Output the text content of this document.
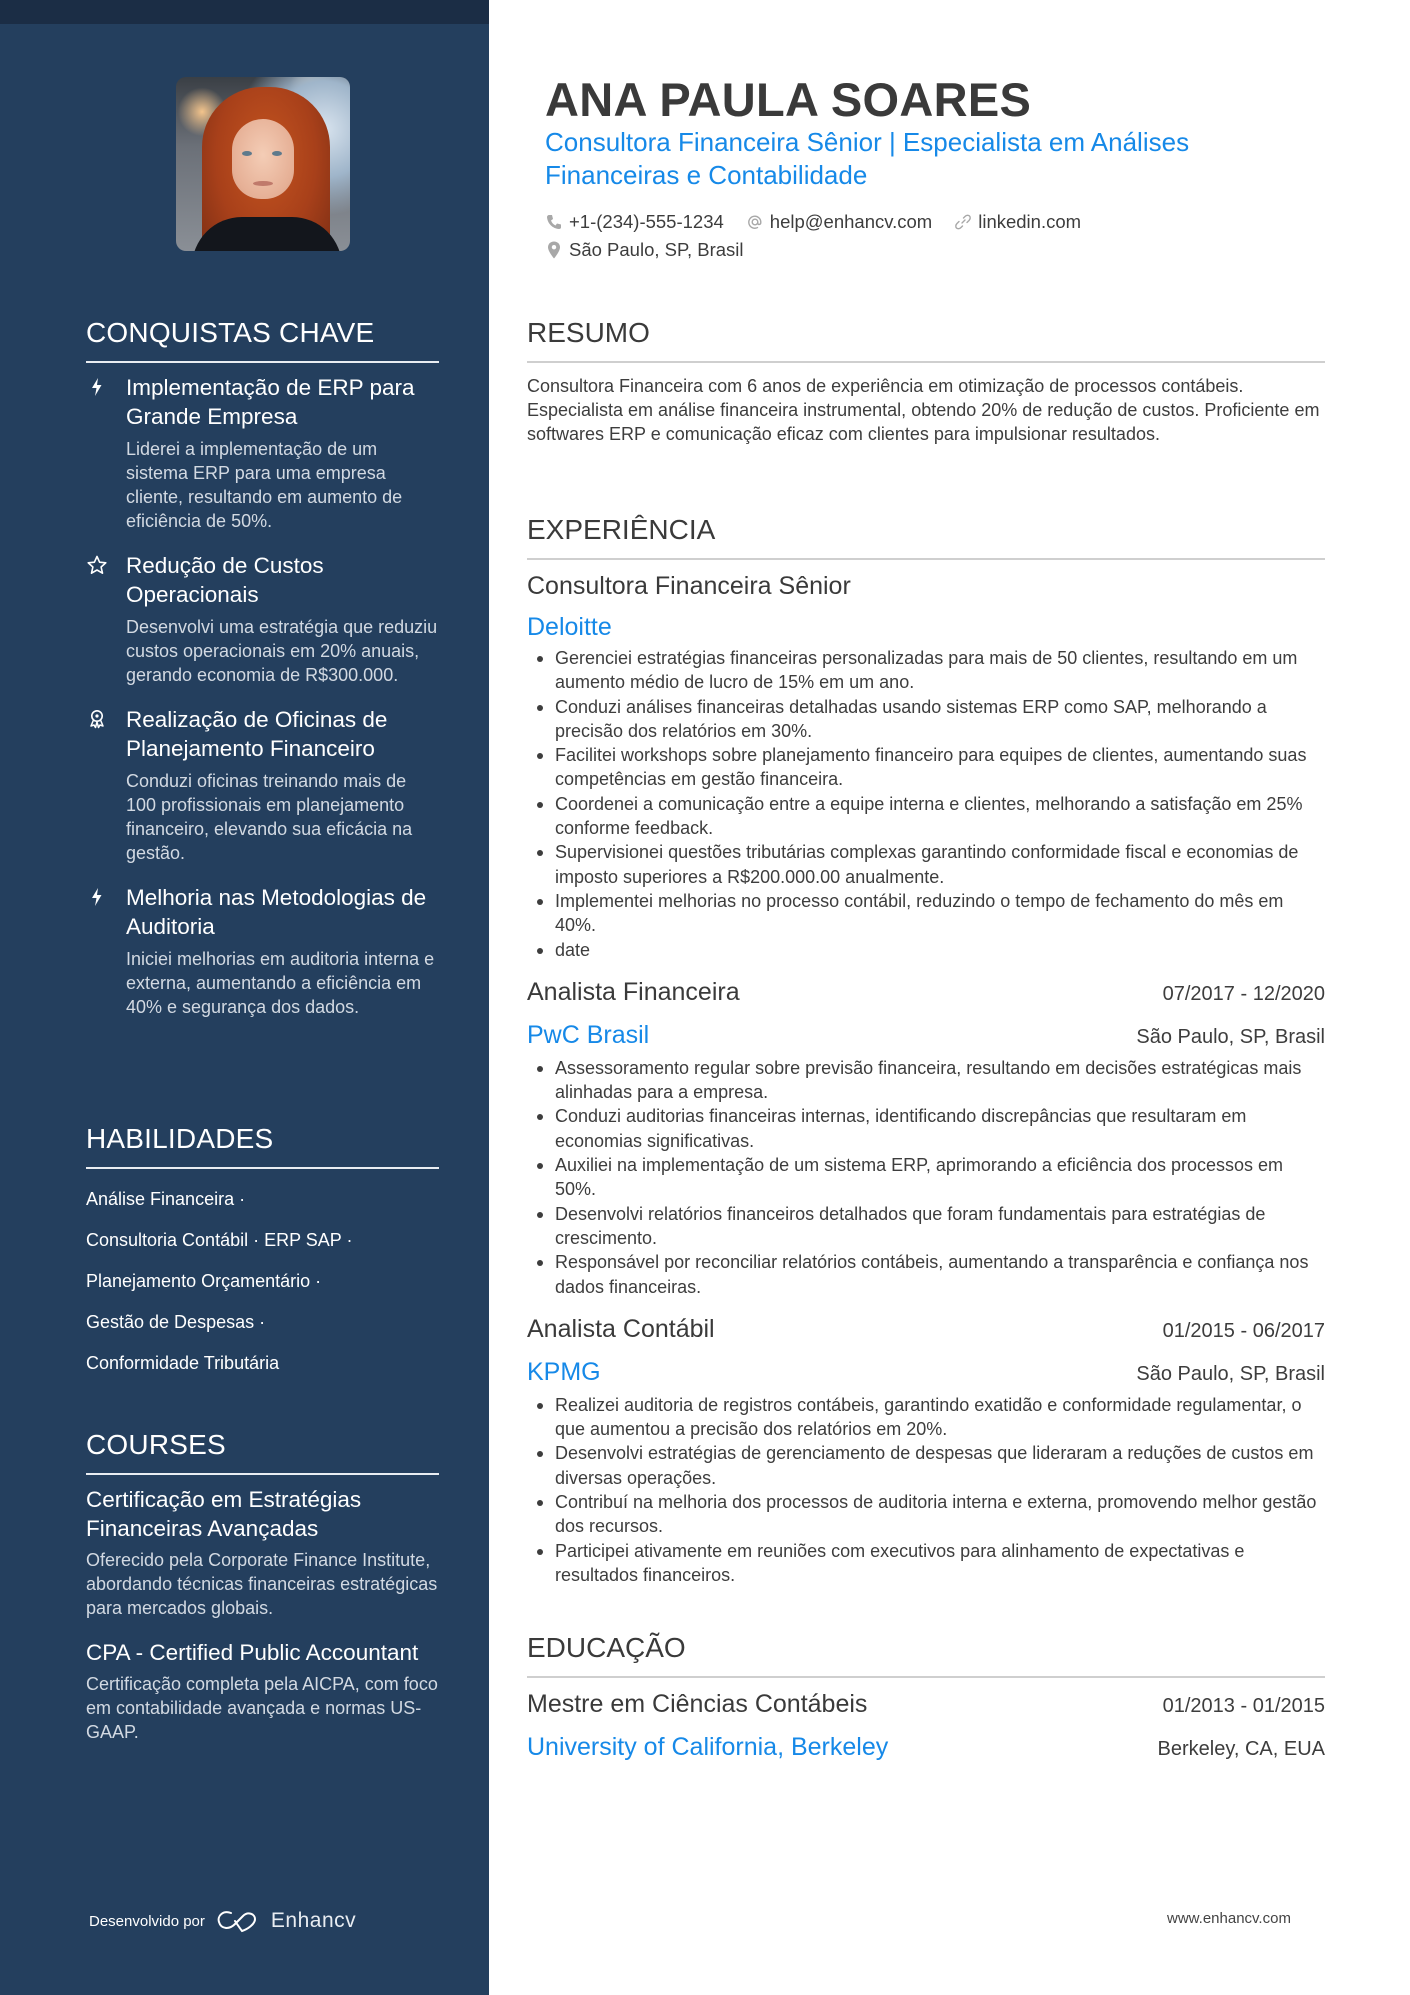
CONQUISTAS CHAVE
Implementação de ERP para Grande Empresa
Liderei a implementação de um sistema ERP para uma empresa cliente, resultando em aumento de eficiência de 50%.
Redução de Custos Operacionais
Desenvolvi uma estratégia que reduziu custos operacionais em 20% anuais, gerando economia de R$300.000.
Realização de Oficinas de Planejamento Financeiro
Conduzi oficinas treinando mais de 100 profissionais em planejamento financeiro, elevando sua eficácia na gestão.
Melhoria nas Metodologias de Auditoria
Iniciei melhorias em auditoria interna e externa, aumentando a eficiência em 40% e segurança dos dados.
HABILIDADES
Análise Financeira ·
Consultoria Contábil · ERP SAP ·
Planejamento Orçamentário ·
Gestão de Despesas ·
Conformidade Tributária
COURSES
Certificação em Estratégias Financeiras Avançadas
Oferecido pela Corporate Finance Institute, abordando técnicas financeiras estratégicas para mercados globais.
CPA - Certified Public Accountant
Certificação completa pela AICPA, com foco em contabilidade avançada e normas US-GAAP.
Desenvolvido por	Enhancv
ANA PAULA SOARES
Consultora Financeira Sênior | Especialista em Análises Financeiras e Contabilidade
+1-(234)-555-1234 help@enhancv.com linkedin.com
São Paulo, SP, Brasil
RESUMO

Consultora Financeira com 6 anos de experiência em otimização de processos contábeis. Especialista em análise financeira instrumental, obtendo 20% de redução de custos. Proficiente em softwares ERP e comunicação eficaz com clientes para impulsionar resultados.

EXPERIÊNCIA
Consultora Financeira Sênior
Deloitte
Gerenciei estratégias financeiras personalizadas para mais de 50 clientes, resultando em um aumento médio de lucro de 15% em um ano.
Conduzi análises financeiras detalhadas usando sistemas ERP como SAP, melhorando a precisão dos relatórios em 30%.
Facilitei workshops sobre planejamento financeiro para equipes de clientes, aumentando suas competências em gestão financeira.
Coordenei a comunicação entre a equipe interna e clientes, melhorando a satisfação em 25% conforme feedback.
Supervisionei questões tributárias complexas garantindo conformidade fiscal e economias de imposto superiores a R$200.000.00 anualmente.
Implementei melhorias no processo contábil, reduzindo o tempo de fechamento do mês em 40%.
date
Analista Financeira	07/2017 - 12/2020
PwC Brasil	São Paulo, SP, Brasil
Assessoramento regular sobre previsão financeira, resultando em decisões estratégicas mais alinhadas para a empresa.
Conduzi auditorias financeiras internas, identificando discrepâncias que resultaram em economias significativas.
Auxiliei na implementação de um sistema ERP, aprimorando a eficiência dos processos em 50%.
Desenvolvi relatórios financeiros detalhados que foram fundamentais para estratégias de crescimento.
Responsável por reconciliar relatórios contábeis, aumentando a transparência e confiança nos dados financeiras.
Analista Contábil	01/2015 - 06/2017
KPMG	São Paulo, SP, Brasil
Realizei auditoria de registros contábeis, garantindo exatidão e conformidade regulamentar, o que aumentou a precisão dos relatórios em 20%.
Desenvolvi estratégias de gerenciamento de despesas que lideraram a reduções de custos em diversas operações.
Contribuí na melhoria dos processos de auditoria interna e externa, promovendo melhor gestão dos recursos.
Participei ativamente em reuniões com executivos para alinhamento de expectativas e resultados financeiros.
EDUCAÇÃO
Mestre em Ciências Contábeis	01/2013 - 01/2015
University of California, Berkeley	Berkeley, CA, EUA
www.enhancv.com
